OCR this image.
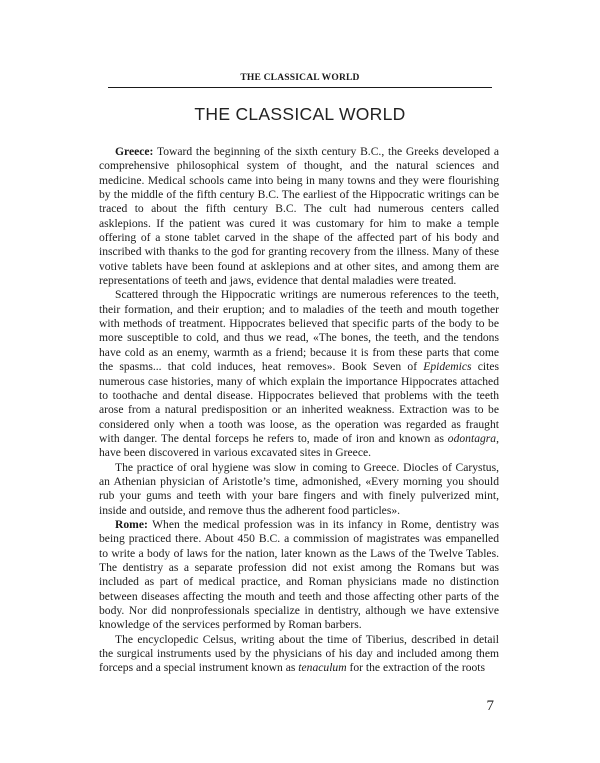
THE CLASSICAL WORLD
THE CLASSICAL WORLD

Greece: Toward the beginning of the sixth century B.C., the Greeks developed a comprehensive philosophical system of thought, and the natural sciences and medicine. Medical schools came into being in many towns and they were flourishing by the middle of the fifth century B.C. The earliest of the Hippocratic writings can be traced to about the fifth century B.C. The cult had numerous centers called asklepions. If the patient was cured it was customary for him to make a temple offering of a stone tablet carved in the shape of the affected part of his body and inscribed with thanks to the god for granting recovery from the illness. Many of these votive tablets have been found at asklepions and at other sites, and among them are representations of teeth and jaws, evidence that dental maladies were treated.

Scattered through the Hippocratic writings are numerous references to the teeth, their formation, and their eruption; and to maladies of the teeth and mouth together with methods of treatment. Hippocrates believed that specific parts of the body to be more susceptible to cold, and thus we read, «The bones, the teeth, and the tendons have cold as an enemy, warmth as a friend; because it is from these parts that come the spasms... that cold induces, heat removes». Book Seven of Epidemics cites numerous case histories, many of which explain the importance Hippocrates attached to toothache and dental disease. Hippocrates believed that problems with the teeth arose from a natural predisposition or an inherited weakness. Extraction was to be considered only when a tooth was loose, as the operation was regarded as fraught with danger. The dental forceps he refers to, made of iron and known as odontagra, have been discovered in various excavated sites in Greece.

The practice of oral hygiene was slow in coming to Greece. Diocles of Carystus, an Athenian physician of Aristotle’s time, admonished, «Every morning you should rub your gums and teeth with your bare fingers and with finely pulverized mint, inside and outside, and remove thus the adherent food particles».

Rome: When the medical profession was in its infancy in Rome, dentistry was being practiced there. About 450 B.C. a commission of magistrates was empanelled to write a body of laws for the nation, later known as the Laws of the Twelve Tables. The dentistry as a separate profession did not exist among the Romans but was included as part of medical practice, and Roman physicians made no distinction between diseases affecting the mouth and teeth and those affecting other parts of the body. Nor did nonprofessionals specialize in dentistry, although we have extensive knowledge of the services performed by Roman barbers.

The encyclopedic Celsus, writing about the time of Tiberius, described in detail the surgical instruments used by the physicians of his day and included among them forceps and a special instrument known as tenaculum for the extraction of the roots

7
